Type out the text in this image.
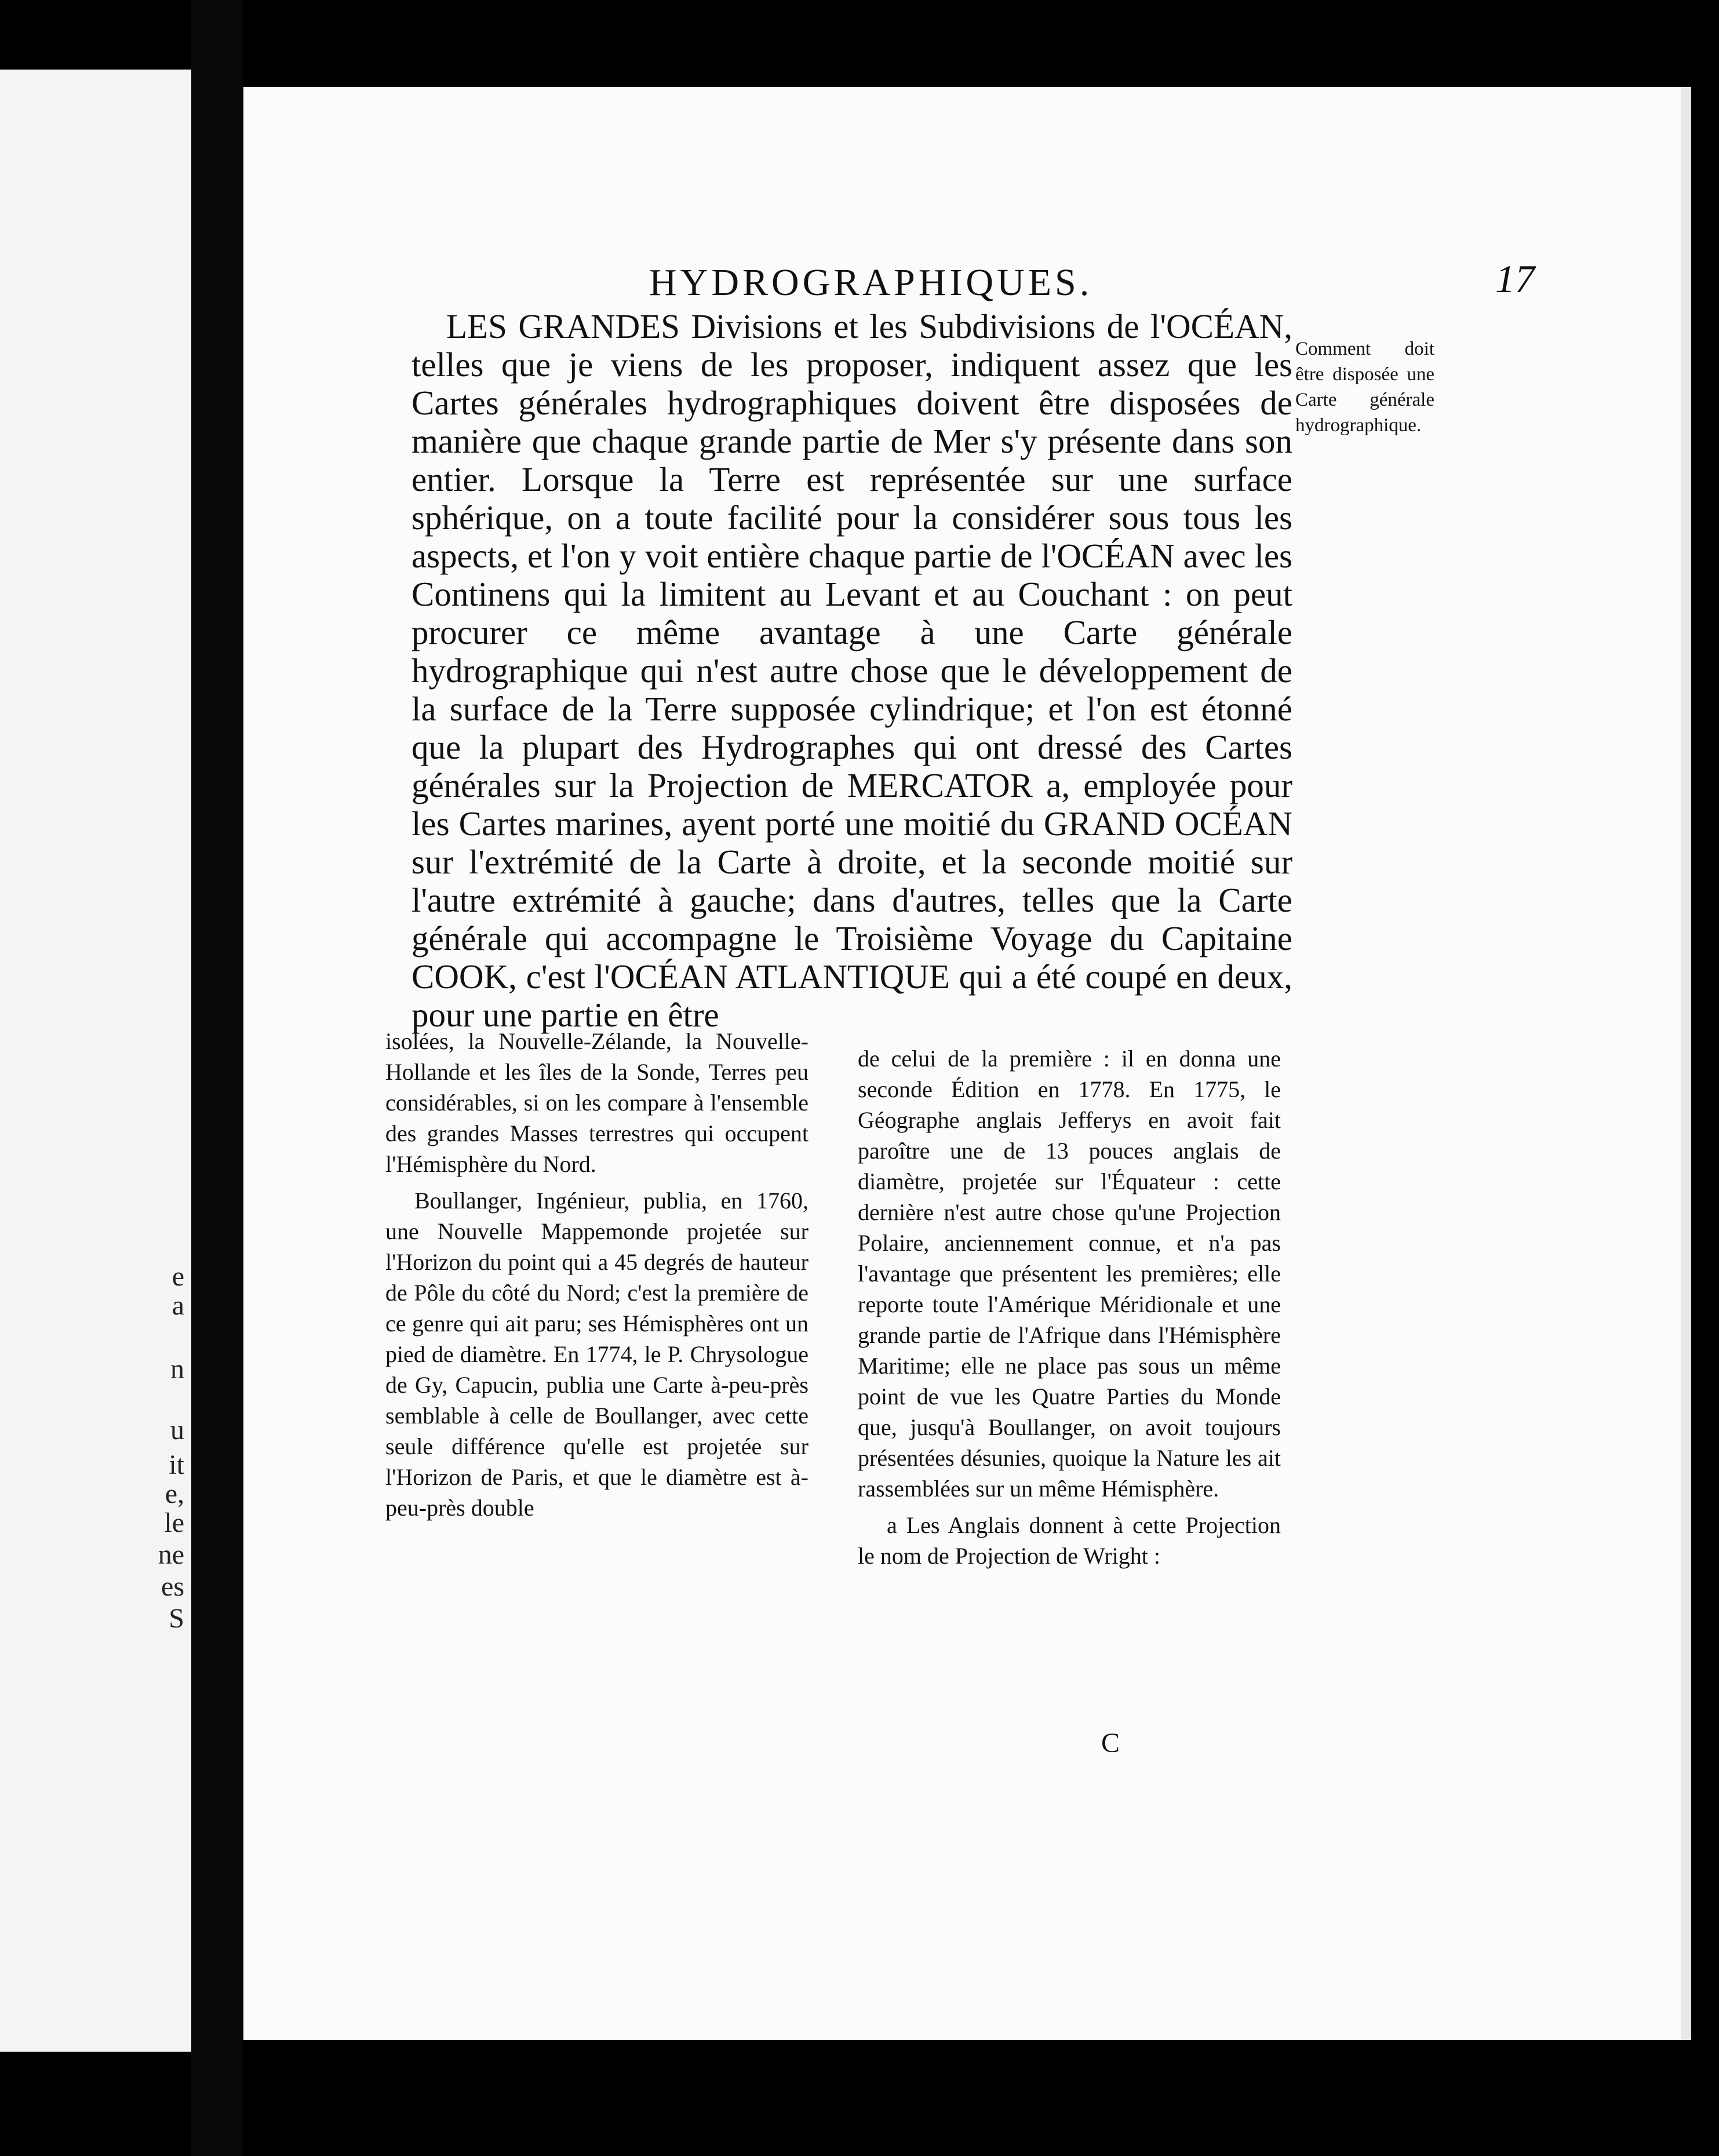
e
a
n
u
it
e,
le
ne
es
S
HYDROGRAPHIQUES.	17

LES GRANDES Divisions et les Subdivisions de l'OCÉAN, telles que je viens de les proposer, indiquent assez que les Cartes générales hydrographiques doivent être disposées de manière que chaque grande partie de Mer s'y présente dans son entier. Lorsque la Terre est représentée sur une surface sphérique, on a toute facilité pour la considérer sous tous les aspects, et l'on y voit entière chaque partie de l'OCÉAN avec les Continens qui la limitent au Levant et au Couchant : on peut procurer ce même avantage à une Carte générale hydrographique qui n'est autre chose que le développement de la surface de la Terre supposée cylindrique; et l'on est étonné que la plupart des Hydrographes qui ont dressé des Cartes générales sur la Projection de MERCATOR a, employée pour les Cartes marines, ayent porté une moitié du GRAND OCÉAN sur l'extrémité de la Carte à droite, et la seconde moitié sur l'autre extrémité à gauche; dans d'autres, telles que la Carte générale qui accompagne le Troisième Voyage du Capitaine COOK, c'est l'OCÉAN ATLANTIQUE qui a été coupé en deux, pour une partie en être

Comment doit être disposée une Carte générale hydrographique.

isolées, la Nouvelle-Zélande, la Nouvelle-Hollande et les îles de la Sonde, Terres peu considérables, si on les compare à l'ensemble des grandes Masses terrestres qui occupent l'Hémisphère du Nord.

Boullanger, Ingénieur, publia, en 1760, une Nouvelle Mappemonde projetée sur l'Horizon du point qui a 45 degrés de hauteur de Pôle du côté du Nord; c'est la première de ce genre qui ait paru; ses Hémisphères ont un pied de diamètre. En 1774, le P. Chrysologue de Gy, Capucin, publia une Carte à-peu-près semblable à celle de Boullanger, avec cette seule différence qu'elle est projetée sur l'Horizon de Paris, et que le diamètre est à-peu-près double

de celui de la première : il en donna une seconde Édition en 1778. En 1775, le Géographe anglais Jefferys en avoit fait paroître une de 13 pouces anglais de diamètre, projetée sur l'Équateur : cette dernière n'est autre chose qu'une Projection Polaire, anciennement connue, et n'a pas l'avantage que présentent les premières; elle reporte toute l'Amérique Méridionale et une grande partie de l'Afrique dans l'Hémisphère Maritime; elle ne place pas sous un même point de vue les Quatre Parties du Monde que, jusqu'à Boullanger, on avoit toujours présentées désunies, quoique la Nature les ait rassemblées sur un même Hémisphère.

a Les Anglais donnent à cette Projection le nom de Projection de Wright :

C
